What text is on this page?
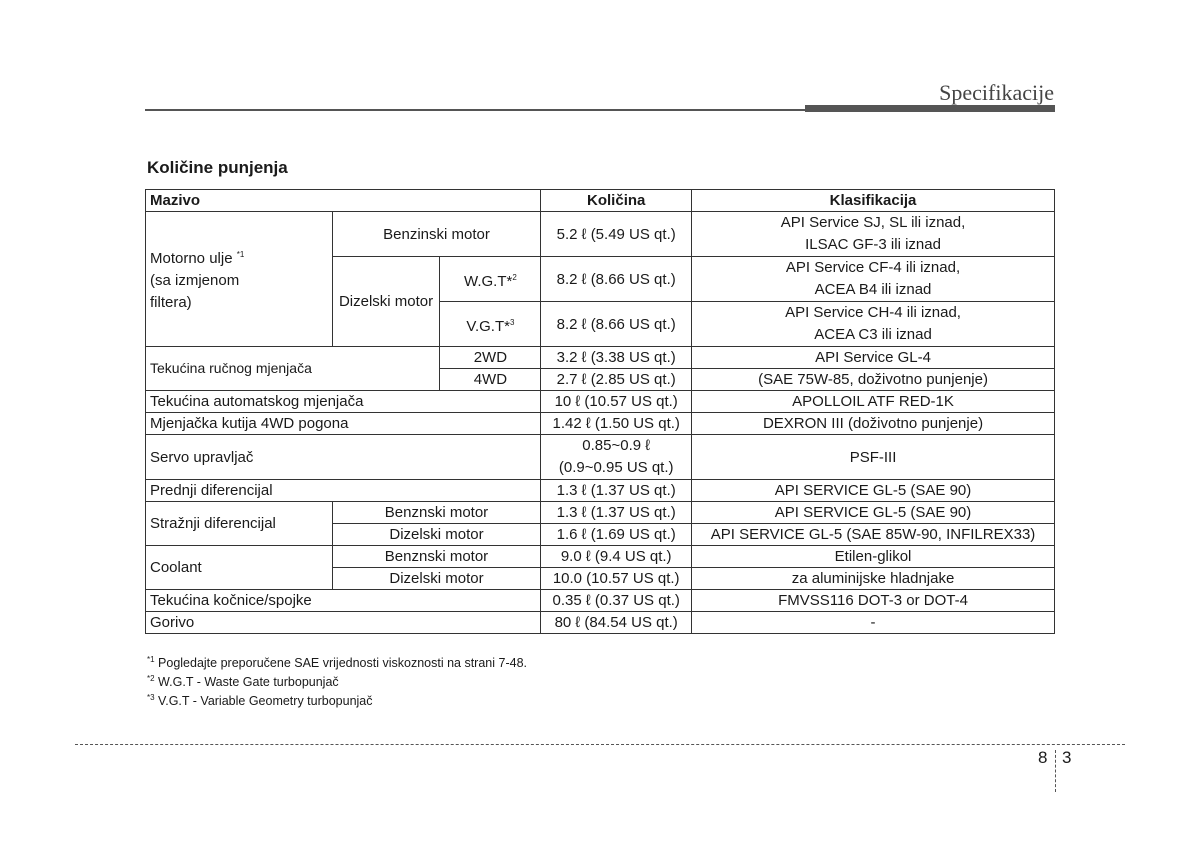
Specifikacije
Količine punjenja
Mazivo			Količina	Klasifikacija
Motorno ulje $^{*1}$
(sa izmjenom
filtera)	Benzinski motor		5.2 ℓ (5.49 US qt.)	API Service SJ, SL ili iznad,
ILSAC GF-3 ili iznad
	Dizelski motor	W.G.T*$^2$	8.2 ℓ (8.66 US qt.)	API Service CF-4 ili iznad,
ACEA B4 ili iznad
		V.G.T*$^3$	8.2 ℓ (8.66 US qt.)	API Service CH-4 ili iznad,
ACEA C3 ili iznad
Tekućina ručnog mjenjača		2WD	3.2 ℓ (3.38 US qt.)	API Service GL-4
		4WD	2.7 ℓ (2.85 US qt.)	(SAE 75W-85, doživotno punjenje)
Tekućina automatskog mjenjača			10 ℓ (10.57 US qt.)	APOLLOIL ATF RED-1K
Mjenjačka kutija 4WD pogona			1.42 ℓ (1.50 US qt.)	DEXRON III (doživotno punjenje)
Servo upravljač			0.85~0.9 ℓ
(0.9~0.95 US qt.)	PSF-III
Prednji diferencijal			1.3 ℓ (1.37 US qt.)	API SERVICE GL-5 (SAE 90)
Stražnji diferencijal	Benznski motor		1.3 ℓ (1.37 US qt.)	API SERVICE GL-5 (SAE 90)
	Dizelski motor		1.6 ℓ (1.69 US qt.)	API SERVICE GL-5 (SAE 85W-90, INFILREX33)
Coolant	Benznski motor		9.0 ℓ (9.4 US qt.)	Etilen-glikol
	Dizelski motor		10.0 (10.57 US qt.)	za aluminijske hladnjake
Tekućina kočnice/spojke			0.35 ℓ (0.37 US qt.)	FMVSS116 DOT-3 or DOT-4
Gorivo			80 ℓ (84.54 US qt.)	-
$^{*1}$ Pogledajte preporučene SAE vrijednosti viskoznosti na strani 7-48.
$^{*2}$ W.G.T - Waste Gate turbopunjač
$^{*3}$ V.G.T - Variable Geometry turbopunjač
8 3
